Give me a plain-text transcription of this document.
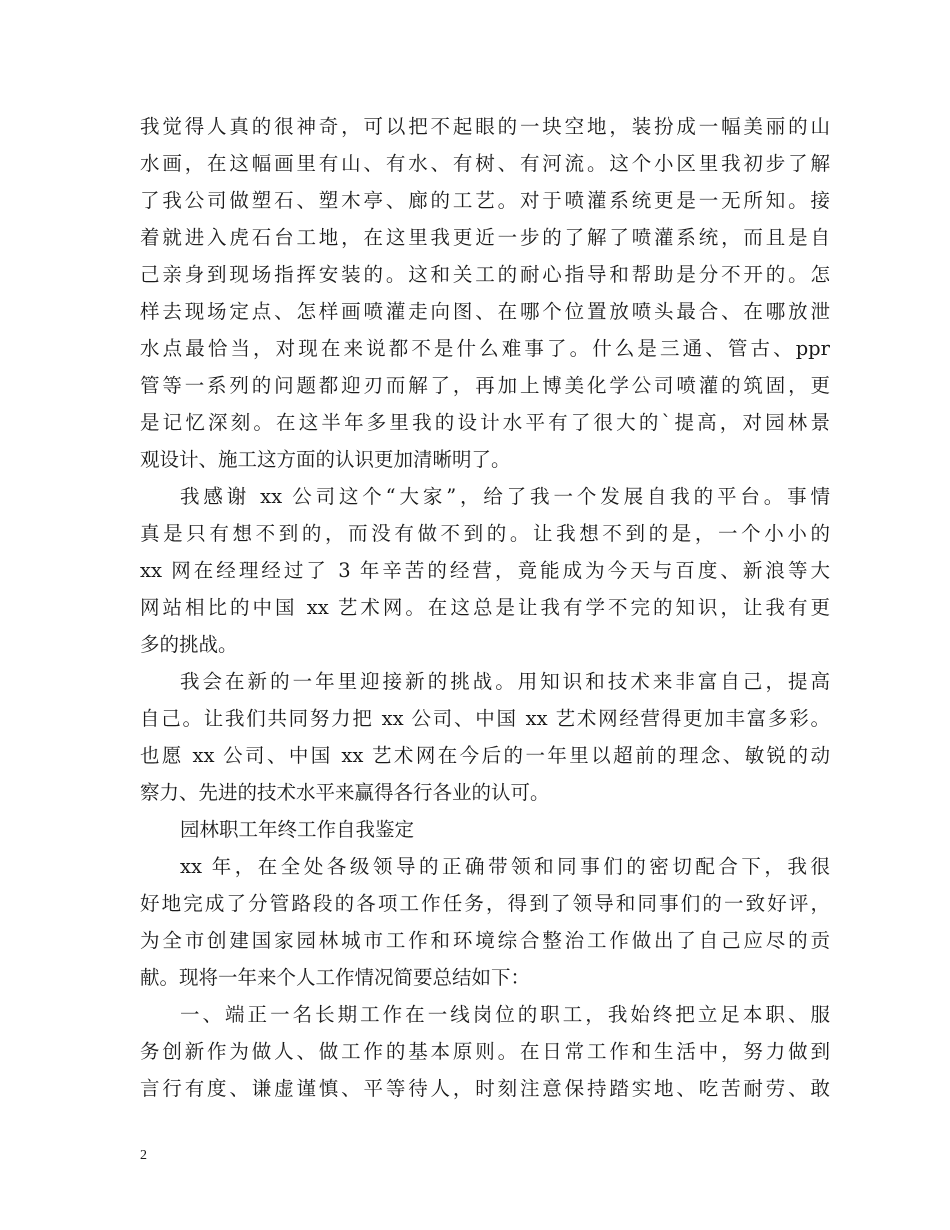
我觉得人真的很神奇，可以把不起眼的一块空地，装扮成一幅美丽的山
水画，在这幅画里有山、有水、有树、有河流。这个小区里我初步了解
了我公司做塑石、塑木亭、廊的工艺。对于喷灌系统更是一无所知。接
着就进入虎石台工地，在这里我更近一步的了解了喷灌系统，而且是自
己亲身到现场指挥安装的。这和关工的耐心指导和帮助是分不开的。怎
样去现场定点、怎样画喷灌走向图、在哪个位置放喷头最合、在哪放泄
水点最恰当，对现在来说都不是什么难事了。什么是三通、管古、ppr
管等一系列的问题都迎刃而解了，再加上博美化学公司喷灌的筑固，更
是记忆深刻。在这半年多里我的设计水平有了很大的`提高，对园林景
观设计、施工这方面的认识更加清晰明了。
我感谢 xx 公司这个“大家”，给了我一个发展自我的平台。事情
真是只有想不到的，而没有做不到的。让我想不到的是，一个小小的
xx 网在经理经过了 3 年辛苦的经营，竟能成为今天与百度、新浪等大
网站相比的中国 xx 艺术网。在这总是让我有学不完的知识，让我有更
多的挑战。
我会在新的一年里迎接新的挑战。用知识和技术来非富自己，提高
自己。让我们共同努力把 xx 公司、中国 xx 艺术网经营得更加丰富多彩。
也愿 xx 公司、中国 xx 艺术网在今后的一年里以超前的理念、敏锐的动
察力、先进的技术水平来赢得各行各业的认可。
园林职工年终工作自我鉴定
xx 年，在全处各级领导的正确带领和同事们的密切配合下，我很
好地完成了分管路段的各项工作任务，得到了领导和同事们的一致好评，
为全市创建国家园林城市工作和环境综合整治工作做出了自己应尽的贡
献。现将一年来个人工作情况简要总结如下：
一、端正一名长期工作在一线岗位的职工，我始终把立足本职、服
务创新作为做人、做工作的基本原则。在日常工作和生活中，努力做到
言行有度、谦虚谨慎、平等待人，时刻注意保持踏实地、吃苦耐劳、敢
2
